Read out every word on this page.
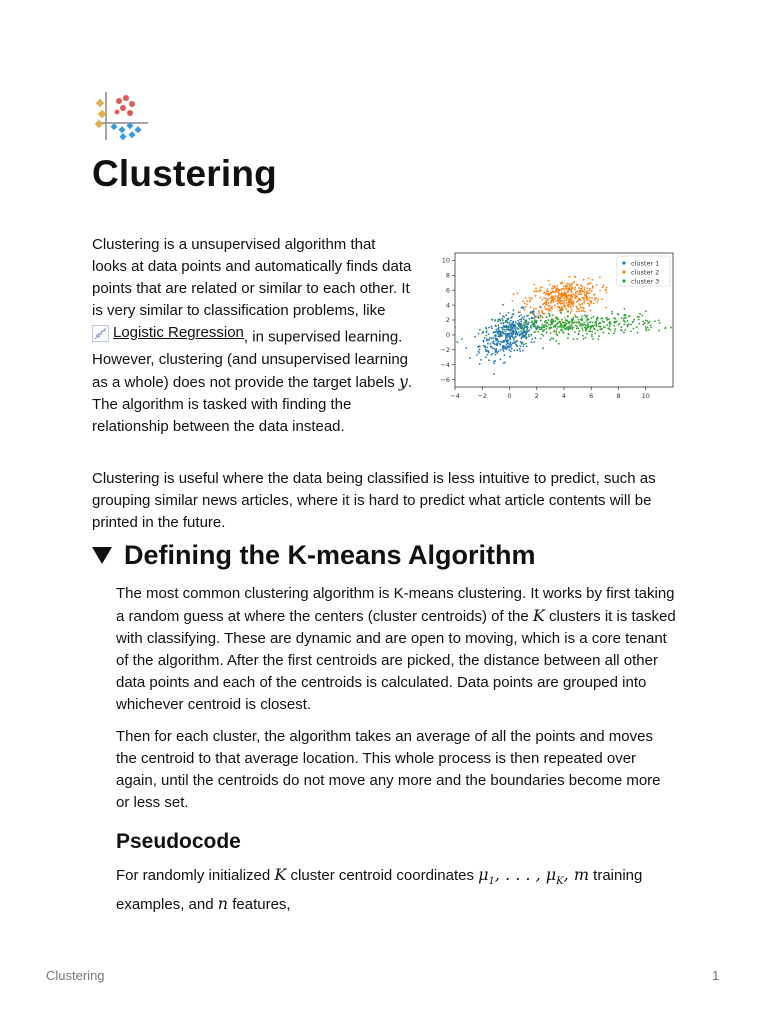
Clustering

Clustering is a unsupervised algorithm that looks at data points and automatically finds data points that are related or similar to each other. It is very similar to classification problems, like
Logistic Regression , in supervised learning. However, clustering (and unsupervised learning as a whole) does not provide the target labels y. The algorithm is tasked with finding the relationship between the data instead.

−4	−2	0	2	4	6	8	10
10
8
6
4
2
0
−2
−4
−6
cluster 1
cluster 2
cluster 3

Clustering is useful where the data being classified is less intuitive to predict, such as grouping similar news articles, where it is hard to predict what article contents will be printed in the future.

Defining the K-means Algorithm

The most common clustering algorithm is K-means clustering. It works by first taking a random guess at where the centers (cluster centroids) of the K clusters it is tasked with classifying. These are dynamic and are open to moving, which is a core tenant of the algorithm. After the first centroids are picked, the distance between all other data points and each of the centroids is calculated. Data points are grouped into whichever centroid is closest.

Then for each cluster, the algorithm takes an average of all the points and moves the centroid to that average location. This whole process is then repeated over again, until the centroids do not move any more and the boundaries become more or less set.

Pseudocode

For randomly initialized K cluster centroid coordinates $\mu_1$, . . . , $\mu_K$, m training examples, and n features,

Clustering	1
